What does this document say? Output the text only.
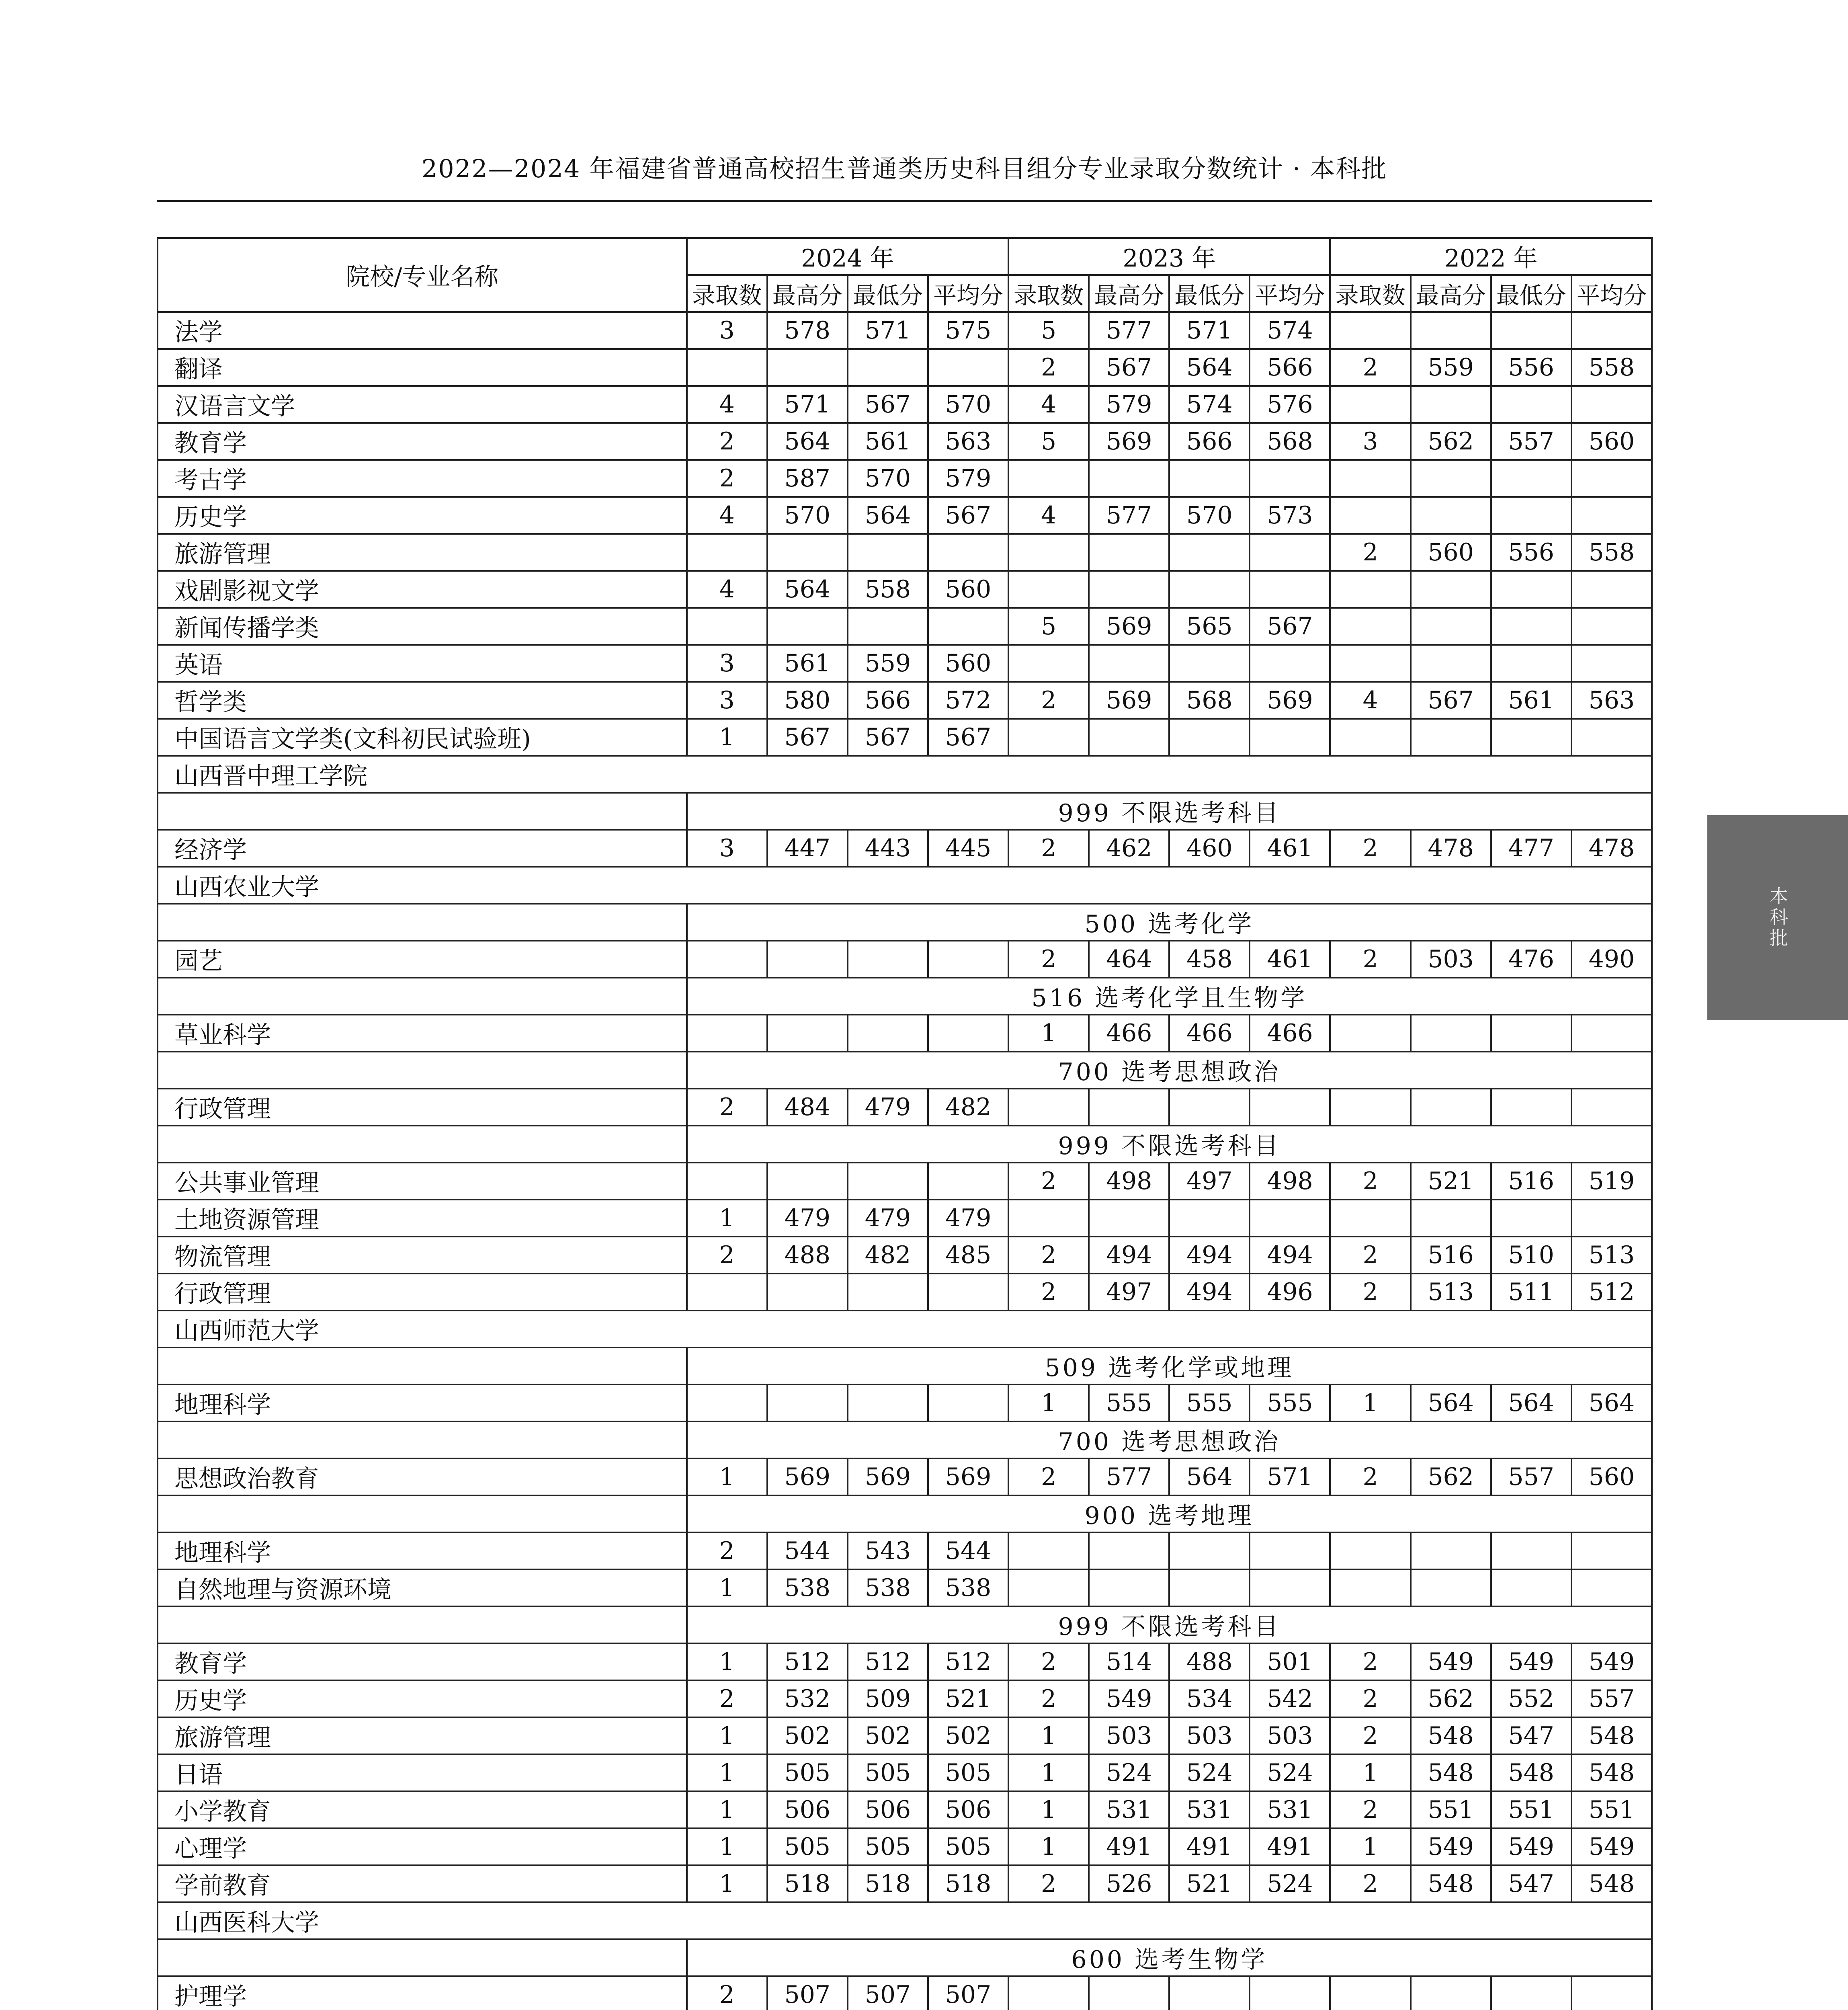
2022—2024 年福建省普通高校招生普通类历史科目组分专业录取分数统计 · 本科批
院校/专业名称	2024 年				2023 年				2022 年			
	录取数	最高分	最低分	平均分	录取数	最高分	最低分	平均分	录取数	最高分	最低分	平均分
法学	3	578	571	575	5	577	571	574				
翻译					2	567	564	566	2	559	556	558
汉语言文学	4	571	567	570	4	579	574	576				
教育学	2	564	561	563	5	569	566	568	3	562	557	560
考古学	2	587	570	579								
历史学	4	570	564	567	4	577	570	573				
旅游管理									2	560	556	558
戏剧影视文学	4	564	558	560								
新闻传播学类					5	569	565	567				
英语	3	561	559	560								
哲学类	3	580	566	572	2	569	568	569	4	567	561	563
中国语言文学类(文科初民试验班)	1	567	567	567								
山西晋中理工学院												
	999 不限选考科目											
经济学	3	447	443	445	2	462	460	461	2	478	477	478
山西农业大学												
	500 选考化学											
园艺					2	464	458	461	2	503	476	490
	516 选考化学且生物学											
草业科学					1	466	466	466				
	700 选考思想政治											
行政管理	2	484	479	482								
	999 不限选考科目											
公共事业管理					2	498	497	498	2	521	516	519
土地资源管理	1	479	479	479								
物流管理	2	488	482	485	2	494	494	494	2	516	510	513
行政管理					2	497	494	496	2	513	511	512
山西师范大学												
	509 选考化学或地理											
地理科学					1	555	555	555	1	564	564	564
	700 选考思想政治											
思想政治教育	1	569	569	569	2	577	564	571	2	562	557	560
	900 选考地理											
地理科学	2	544	543	544								
自然地理与资源环境	1	538	538	538								
	999 不限选考科目											
教育学	1	512	512	512	2	514	488	501	2	549	549	549
历史学	2	532	509	521	2	549	534	542	2	562	552	557
旅游管理	1	502	502	502	1	503	503	503	2	548	547	548
日语	1	505	505	505	1	524	524	524	1	548	548	548
小学教育	1	506	506	506	1	531	531	531	2	551	551	551
心理学	1	505	505	505	1	491	491	491	1	549	549	549
学前教育	1	518	518	518	2	526	521	524	2	548	547	548
山西医科大学												
	600 选考生物学											
护理学	2	507	507	507								

本科批
